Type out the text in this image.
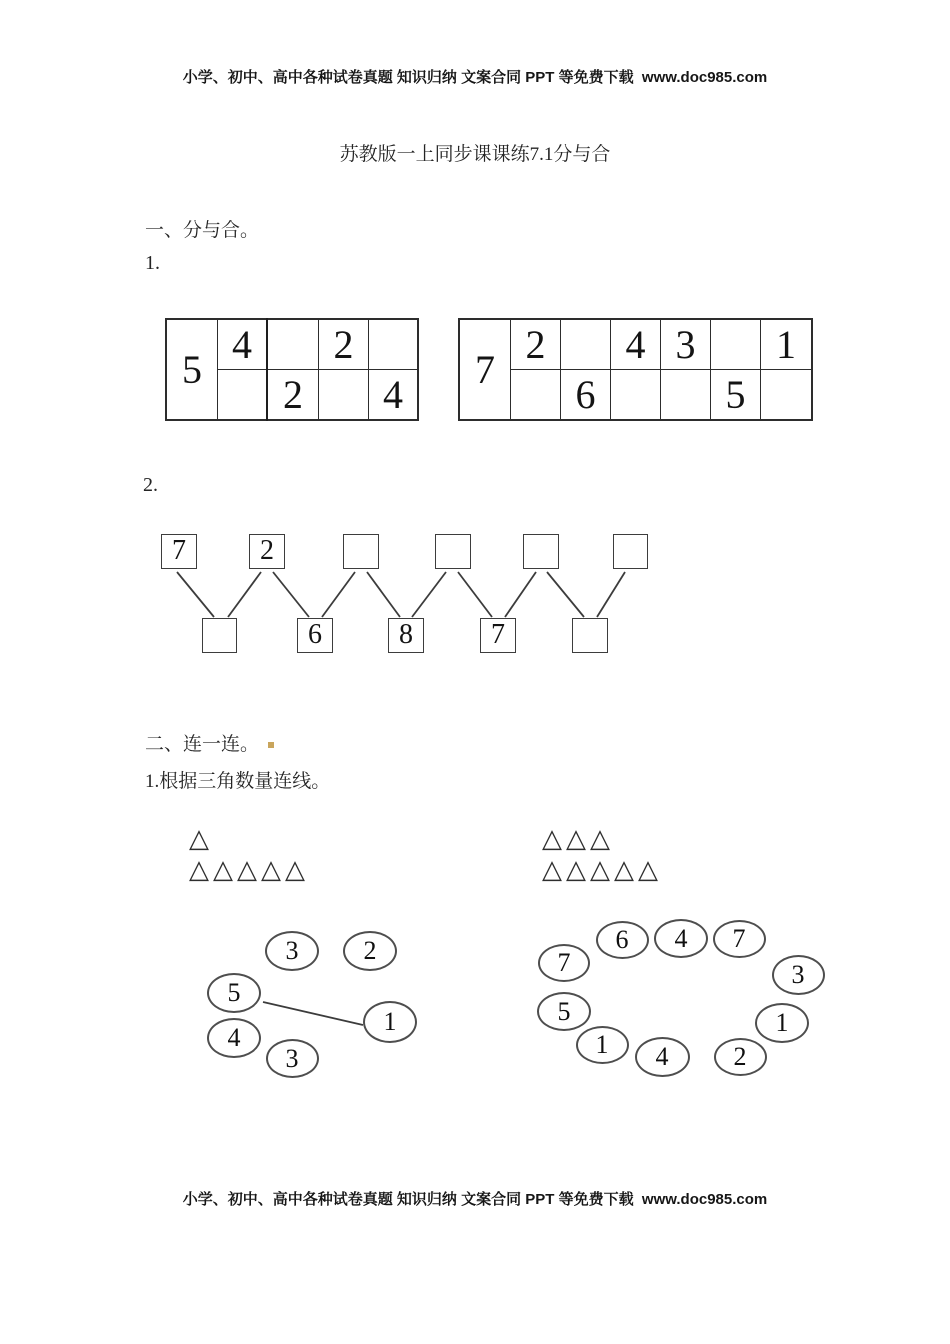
小学、初中、高中各种试卷真题 知识归纳 文案合同 PPT 等免费下载  www.doc985.com
苏教版一上同步课课练7.1分与合
一、分与合。
1.
5	4		2	
		2		4
7	2		4	3		1
		6			5	
2.
7	2
6	8	7
二、连一连。
1.根据三角数量连线。
△
△△△△△
△△△
△△△△△
3	2
5
1
4
3
7
6	4	7
3
5	1
1	4	2
小学、初中、高中各种试卷真题 知识归纳 文案合同 PPT 等免费下载  www.doc985.com
